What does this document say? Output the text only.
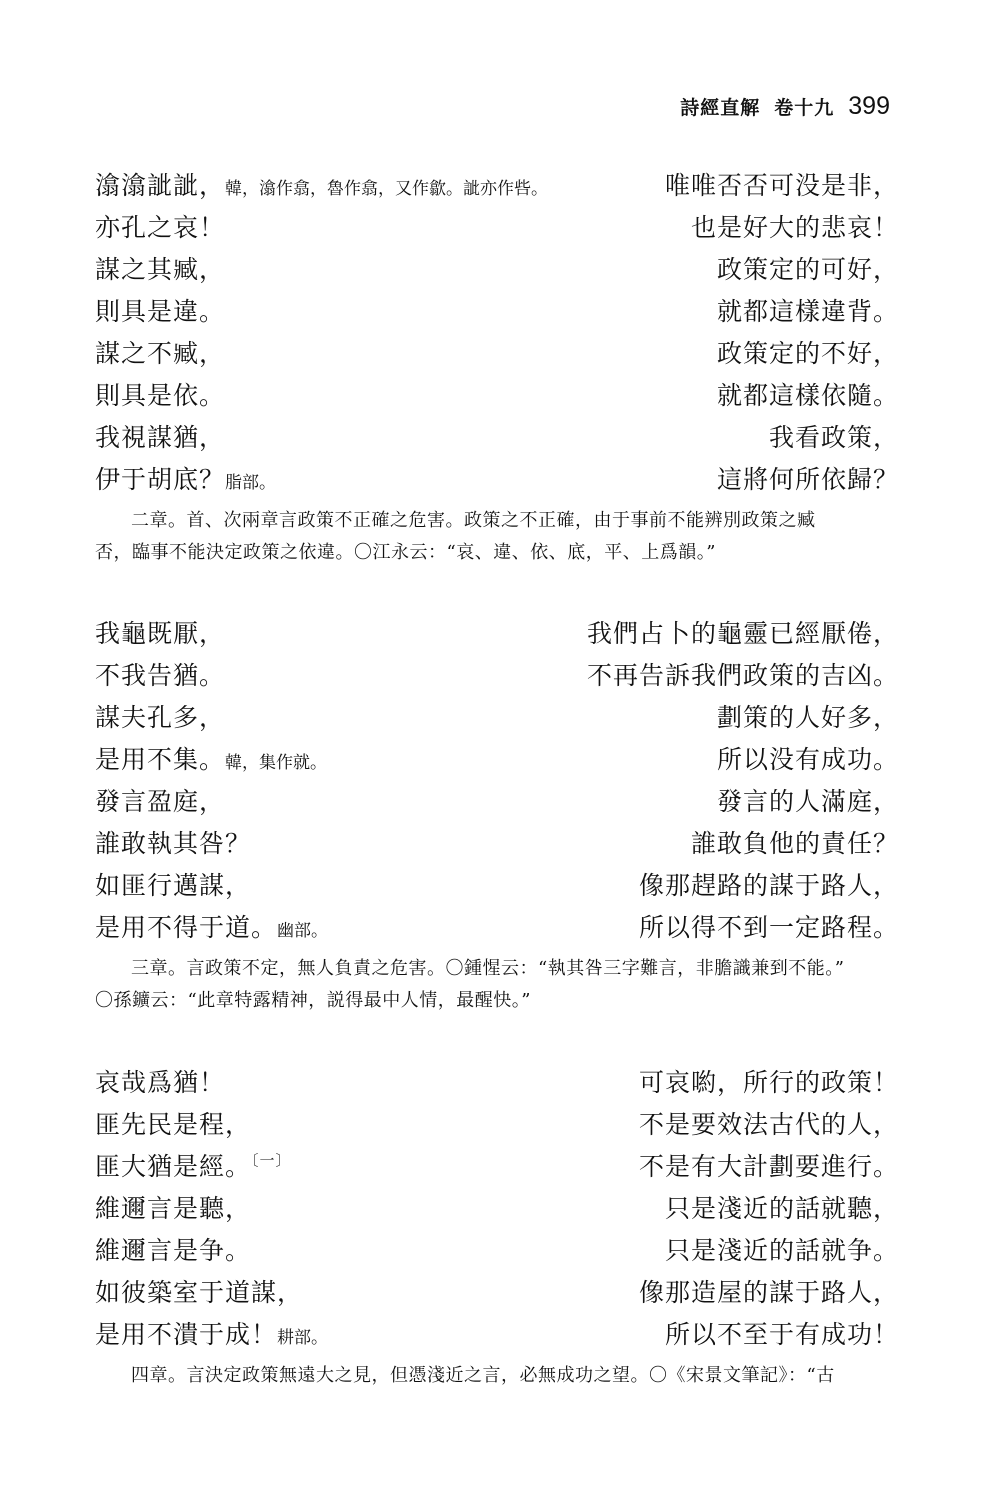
詩經直解 卷十九 399
潝潝訿訿，韓，潝作翕，魯作翕，又作歙。訿亦作呰。	唯唯否否可没是非，
亦孔之哀！	也是好大的悲哀！
謀之其臧，	政策定的可好，
則具是違。	就都這樣違背。
謀之不臧，	政策定的不好，
則具是依。	就都這樣依隨。
我視謀猶，	我看政策，
伊于胡底？脂部。	這將何所依歸？

二章。首、次兩章言政策不正確之危害。政策之不正確，由于事前不能辨別政策之臧

否，臨事不能決定政策之依違。〇江永云：“哀、違、依、底，平、上爲韻。”

我龜既厭，	我們占卜的龜靈已經厭倦，
不我告猶。	不再告訴我們政策的吉凶。
謀夫孔多，	劃策的人好多，
是用不集。韓，集作就。	所以没有成功。
發言盈庭，	發言的人滿庭，
誰敢執其咎？	誰敢負他的責任？
如匪行邁謀，	像那趕路的謀于路人，
是用不得于道。幽部。	所以得不到一定路程。

三章。言政策不定，無人負責之危害。〇鍾惺云：“執其咎三字難言，非膽識兼到不能。”

〇孫鑛云：“此章特露精神，説得最中人情，最醒快。”

哀哉爲猶！	可哀喲，所行的政策！
匪先民是程，	不是要效法古代的人，
匪大猶是經。$^{〔一〕}$	不是有大計劃要進行。
維邇言是聽，	只是淺近的話就聽，
維邇言是争。	只是淺近的話就争。
如彼築室于道謀，	像那造屋的謀于路人，
是用不潰于成！耕部。	所以不至于有成功！

四章。言決定政策無遠大之見，但憑淺近之言，必無成功之望。〇《宋景文筆記》：“古
